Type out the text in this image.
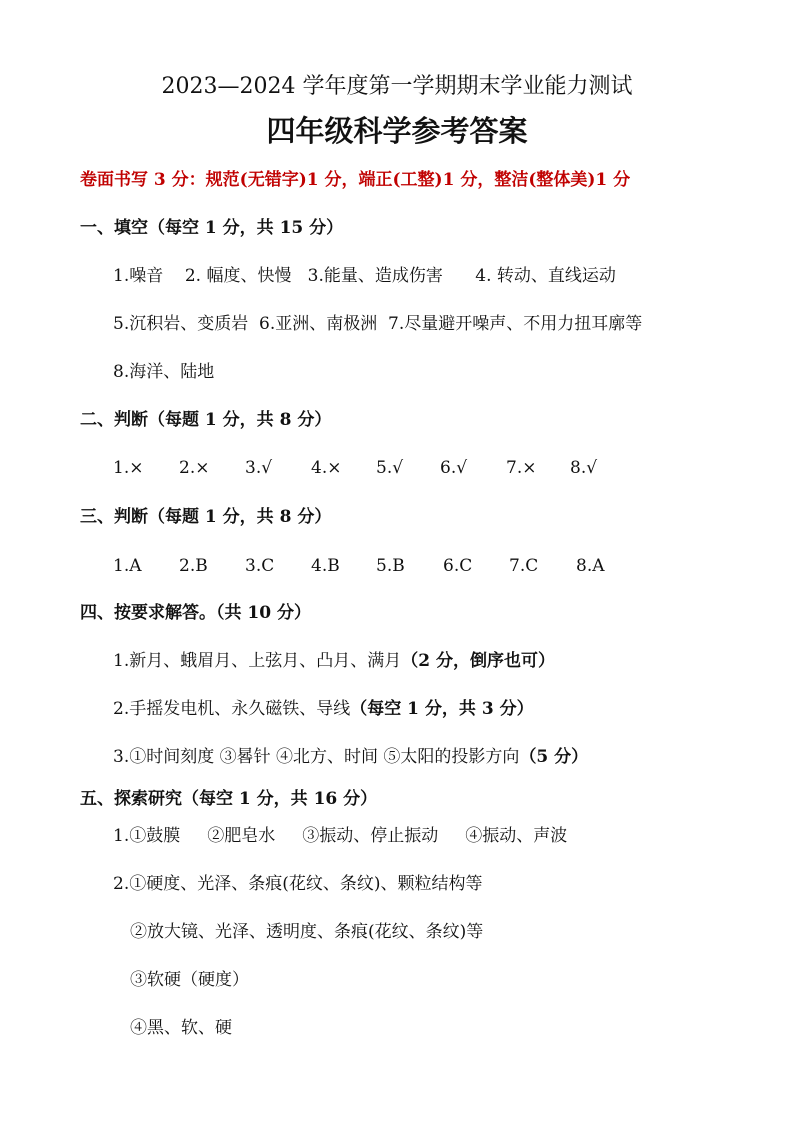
2023—2024 学年度第一学期期末学业能力测试
四年级科学参考答案
卷面书写 3 分：规范(无错字)1 分，端正(工整)1 分，整洁(整体美)1 分
一、填空（每空 1 分，共 15 分）
1.噪音    2. 幅度、快慢   3.能量、造成伤害      4. 转动、直线运动
5.沉积岩、变质岩  6.亚洲、南极洲  7.尽量避开噪声、不用力扭耳廓等
8.海洋、陆地
二、判断（每题 1 分，共 8 分）

1.×

2.×

3.√

4.×

5.√

6.√

7.×

8.√

三、判断（每题 1 分，共 8 分）

1.A

2.B

3.C

4.B

5.B

6.C

7.C

8.A

四、按要求解答。（共 10 分）
1.新月、蛾眉月、上弦月、凸月、满月（2 分，倒序也可）
2.手摇发电机、永久磁铁、导线（每空 1 分，共 3 分）
3.①时间刻度 ③晷针 ④北方、时间 ⑤太阳的投影方向（5 分）
五、探索研究（每空 1 分，共 16 分）
1.①鼓膜     ②肥皂水     ③振动、停止振动     ④振动、声波
2.①硬度、光泽、条痕(花纹、条纹)、颗粒结构等
②放大镜、光泽、透明度、条痕(花纹、条纹)等
③软硬（硬度）
④黑、软、硬
